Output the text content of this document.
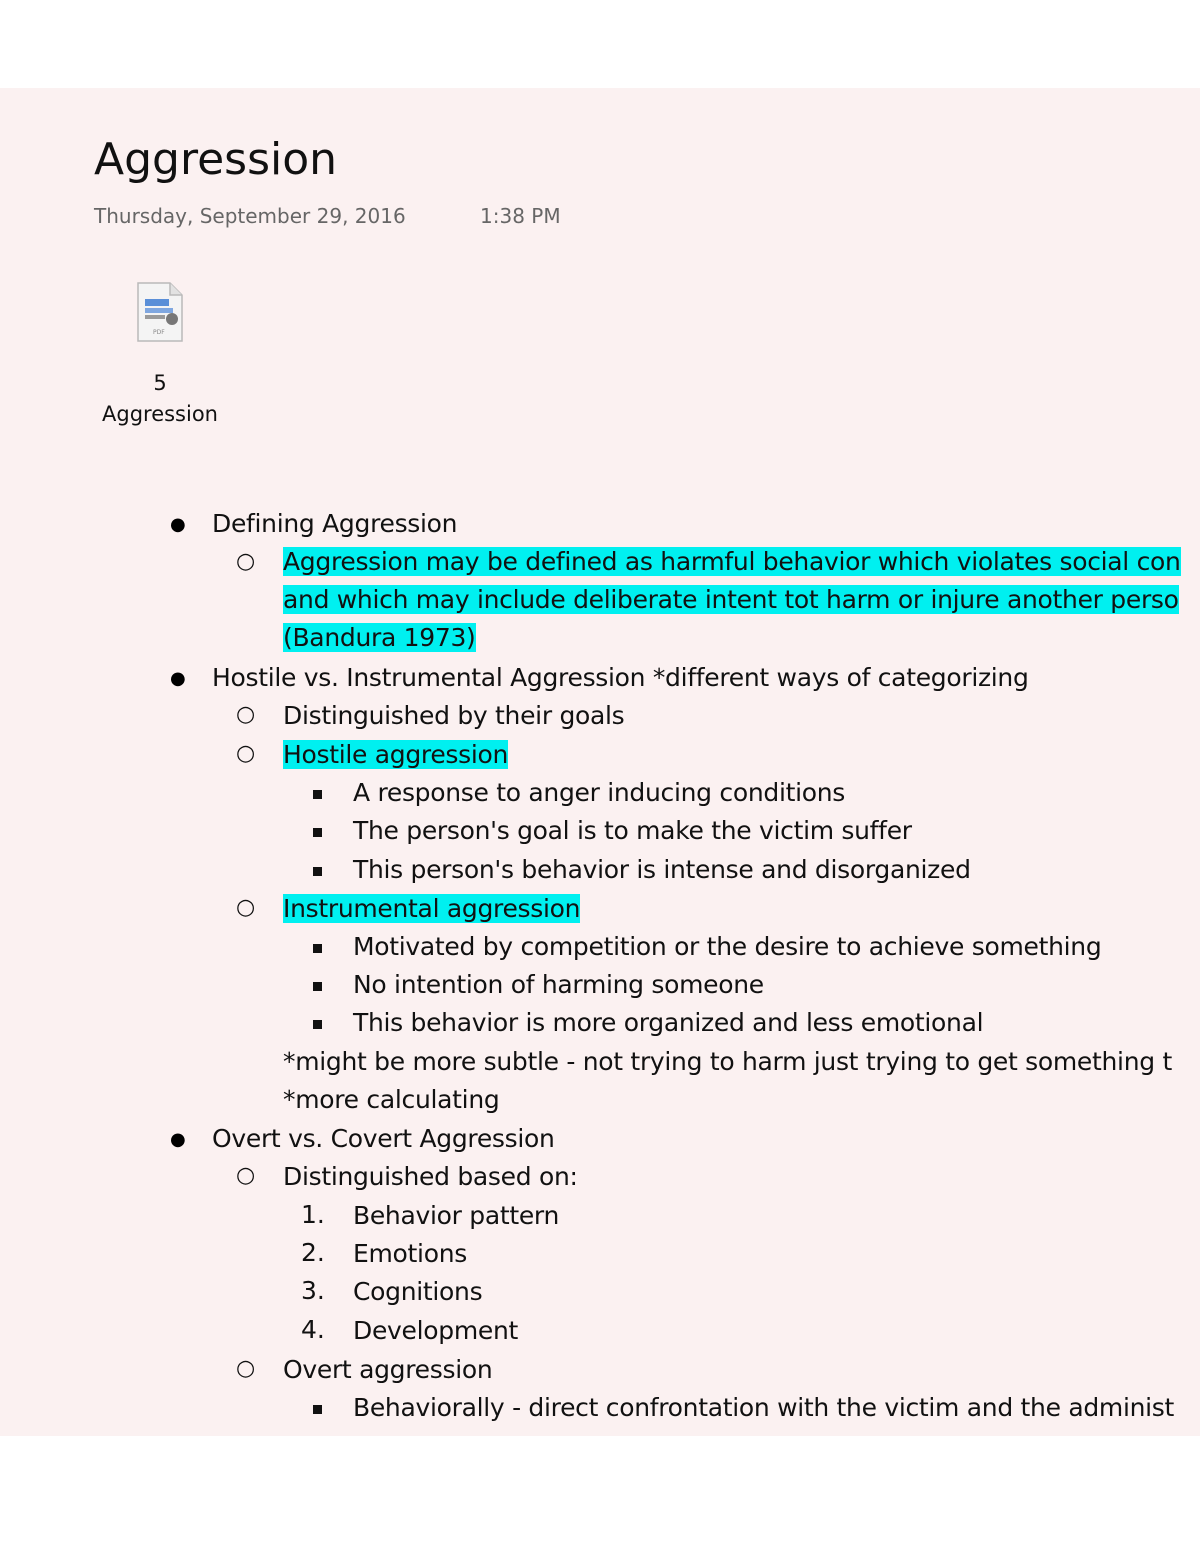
Aggression
Thursday, September 29, 2016	1:38 PM
PDF
5
Aggression
● Defining Aggression
○ Aggression may be defined as harmful behavior which violates social con
and which may include deliberate intent tot harm or injure another perso
(Bandura 1973)
● Hostile vs. Instrumental Aggression *different ways of categorizing
○ Distinguished by their goals
○ Hostile aggression
A response to anger inducing conditions
The person's goal is to make the victim suffer
This person's behavior is intense and disorganized
○ Instrumental aggression
Motivated by competition or the desire to achieve something
No intention of harming someone
This behavior is more organized and less emotional
*might be more subtle - not trying to harm just trying to get something t
*more calculating
● Overt vs. Covert Aggression
○ Distinguished based on:
1. Behavior pattern
2. Emotions
3. Cognitions
4. Development
○ Overt aggression
Behaviorally - direct confrontation with the victim and the administ
